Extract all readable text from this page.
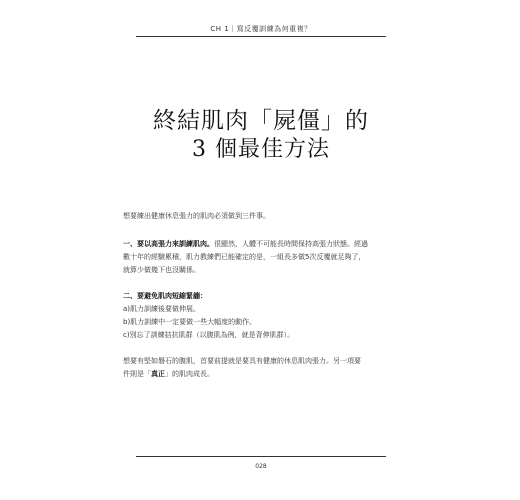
CH 1｜寫反覆訓練為何重複？
終結肌肉「屍僵」的
3 個最佳方法
想要練出健康休息張力的肌肉必須做到三件事。
一、要以高張力來訓練肌肉。很顯然，人體不可能長時間保持高張力狀態。經過
數十年的經驗累積，肌力教練們已能確定的是，一組長多做5次反覆就足夠了，
就算少做幾下也沒關係。
二、要避免肌肉短縮緊繃：
a)肌力訓練後要做伸展。
b)肌力訓練中一定要做一些大幅度的動作。
c)別忘了訓練拮抗肌群（以腹肌為例，就是背伸肌群）。
想要有堅如磐石的腹肌，首要前提就是要具有健康的休息肌肉張力。另一項要
件則是「真正」的肌肉成長。
028
